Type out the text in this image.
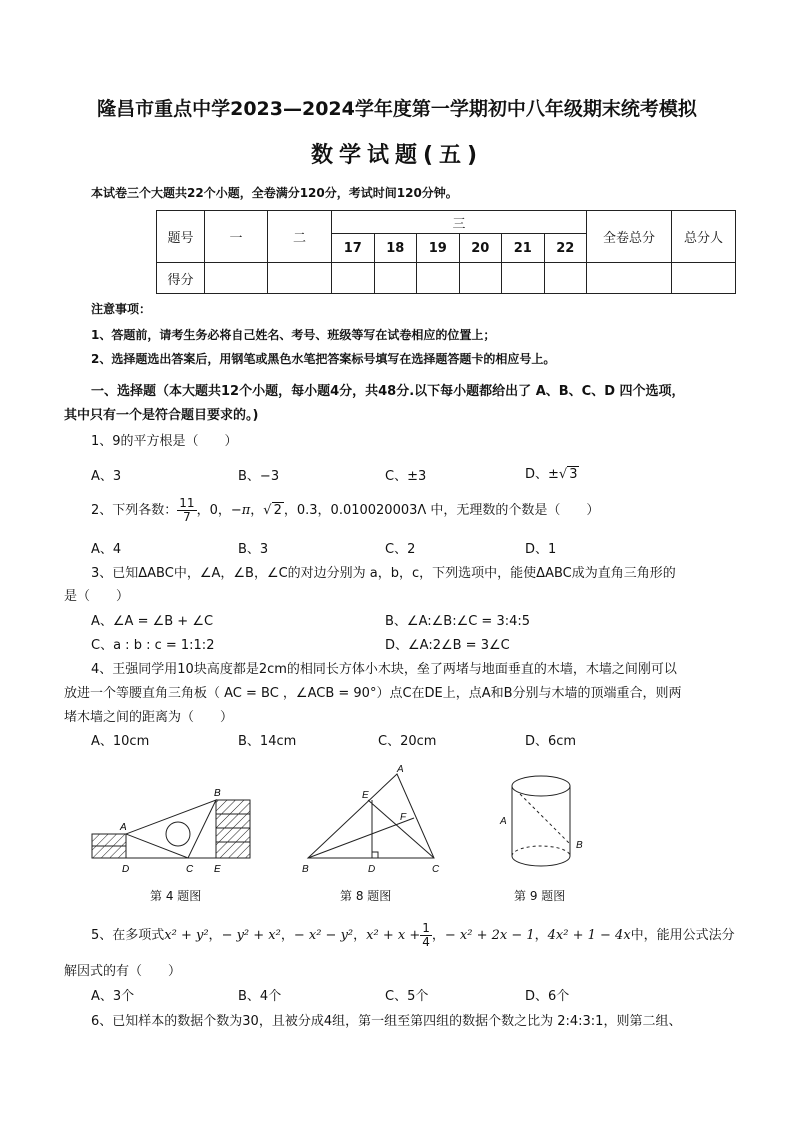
隆昌市重点中学2023—2024学年度第一学期初中八年级期末统考模拟
数学试题(五)
本试卷三个大题共22个小题，全卷满分120分，考试时间120分钟。
题号	一	二	三						全卷总分	总分人
			17	18	19	20	21	22		
得分										
注意事项：
1、答题前，请考生务必将自己姓名、考号、班级等写在试卷相应的位置上；
2、选择题选出答案后，用钢笔或黑色水笔把答案标号填写在选择题答题卡的相应号上。
一、选择题（本大题共12个小题，每小题4分，共48分.以下每小题都给出了 A、B、C、D 四个选项，
其中只有一个是符合题目要求的。)
1、9的平方根是（　　）
A、3	B、−3	C、±3	D、±√ 3
2、下列各数： $\frac{11}{7}$ ，0，−π，√ 2 ，0.3，0.010020003Λ 中，无理数的个数是（　　）
A、4	B、3	C、2	D、1
3、已知ΔABC中，∠A，∠B，∠C的对边分别为 a，b，c，下列选项中，能使ΔABC成为直角三角形的
是（　　）
A、∠A = ∠B + ∠C	B、∠A:∠B:∠C = 3:4:5
C、a : b : c = 1:1:2	D、∠A:2∠B = 3∠C
4、王强同学用10块高度都是2cm的相同长方体小木块，垒了两堵与地面垂直的木墙，木墙之间刚可以
放进一个等腰直角三角板（ AC = BC ，∠ACB = 90°）点C在DE上，点A和B分别与木墙的顶端重合，则两
堵木墙之间的距离为（　　）
A、10cm	B、14cm	C、20cm	D、6cm
A
B
D	C E
A
E
F
B	D	C
A
B
第 4 题图	第 8 题图	第 9 题图
5、在多项式x² + y²，− y² + x²，− x² − y²，$x^2 + x + \frac{1}{4}$ ，− x² + 2x − 1，4x² + 1 − 4x中，能用公式法分
解因式的有（　　）
A、3个	B、4个	C、5个	D、6个
6、已知样本的数据个数为30，且被分成4组，第一组至第四组的数据个数之比为 2:4:3:1，则第二组、
